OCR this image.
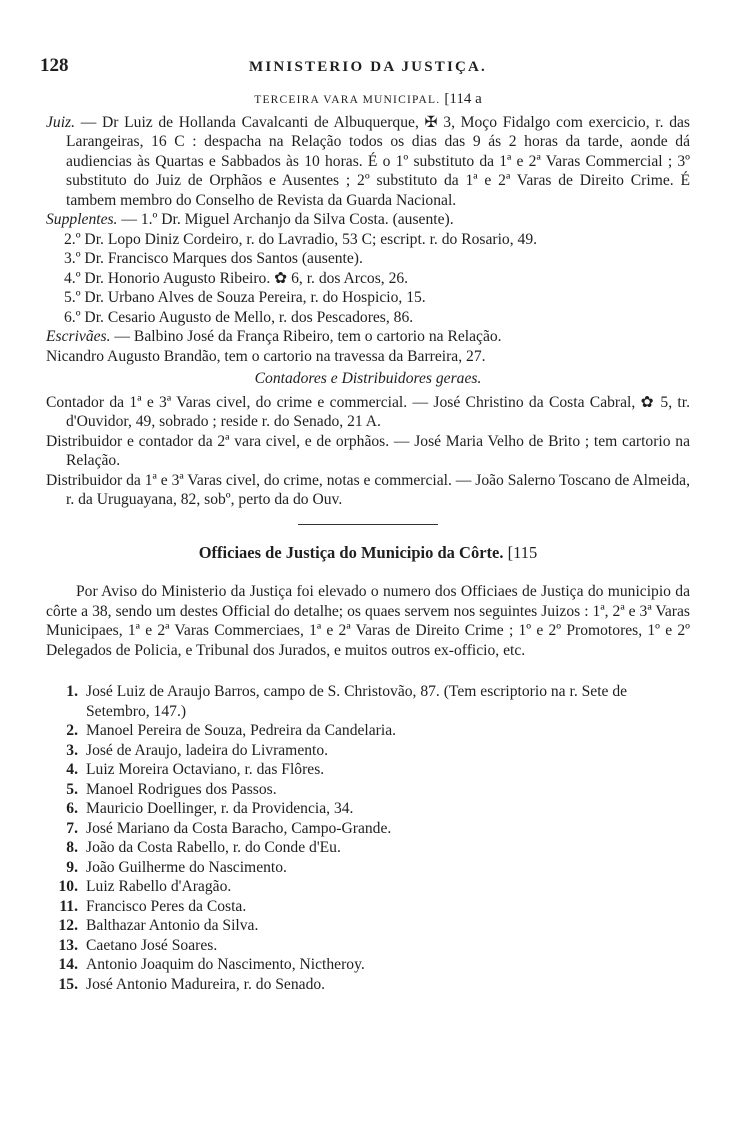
128	MINISTERIO DA JUSTIÇA.
TERCEIRA VARA MUNICIPAL. [114 a

Juiz. — Dr Luiz de Hollanda Cavalcanti de Albuquerque, ✠ 3, Moço Fidalgo com exercicio, r. das Larangeiras, 16 C : despacha na Relação todos os dias das 9 ás 2 horas da tarde, aonde dá audiencias às Quartas e Sabbados às 10 horas. É o 1º substituto da 1ª e 2ª Varas Commercial ; 3º substituto do Juiz de Orphãos e Ausentes ; 2º substituto da 1ª e 2ª Varas de Direito Crime. É tambem membro do Conselho de Revista da Guarda Nacional.

Supplentes. — 1.º Dr. Miguel Archanjo da Silva Costa. (ausente).

2.º Dr. Lopo Diniz Cordeiro, r. do Lavradio, 53 C; escript. r. do Rosario, 49.

3.º Dr. Francisco Marques dos Santos (ausente).

4.º Dr. Honorio Augusto Ribeiro. ✿ 6, r. dos Arcos, 26.

5.º Dr. Urbano Alves de Souza Pereira, r. do Hospicio, 15.

6.º Dr. Cesario Augusto de Mello, r. dos Pescadores, 86.

Escrivães. — Balbino José da França Ribeiro, tem o cartorio na Relação.

Nicandro Augusto Brandão, tem o cartorio na travessa da Barreira, 27.

Contadores e Distribuidores geraes.

Contador da 1ª e 3ª Varas civel, do crime e commercial. — José Christino da Costa Cabral, ✿ 5, tr. d'Ouvidor, 49, sobrado ; reside r. do Senado, 21 A.

Distribuidor e contador da 2ª vara civel, e de orphãos. — José Maria Velho de Brito ; tem cartorio na Relação.

Distribuidor da 1ª e 3ª Varas civel, do crime, notas e commercial. — João Salerno Toscano de Almeida, r. da Uruguayana, 82, sobº, perto da do Ouv.

Officiaes de Justiça do Municipio da Côrte. [115

Por Aviso do Ministerio da Justiça foi elevado o numero dos Officiaes de Justiça do municipio da côrte a 38, sendo um destes Official do detalhe; os quaes servem nos seguintes Juizos : 1ª, 2ª e 3ª Varas Municipaes, 1ª e 2ª Varas Commerciaes, 1ª e 2ª Varas de Direito Crime ; 1º e 2º Promotores, 1º e 2º Delegados de Policia, e Tribunal dos Jurados, e muitos outros ex-officio, etc.

1. José Luiz de Araujo Barros, campo de S. Christovão, 87. (Tem escriptorio na r. Sete de Setembro, 147.)
2. Manoel Pereira de Souza, Pedreira da Candelaria.
3. José de Araujo, ladeira do Livramento.
4. Luiz Moreira Octaviano, r. das Flôres.
5. Manoel Rodrigues dos Passos.
6. Mauricio Doellinger, r. da Providencia, 34.
7. José Mariano da Costa Baracho, Campo-Grande.
8. João da Costa Rabello, r. do Conde d'Eu.
9. João Guilherme do Nascimento.
10. Luiz Rabello d'Aragão.
11. Francisco Peres da Costa.
12. Balthazar Antonio da Silva.
13. Caetano José Soares.
14. Antonio Joaquim do Nascimento, Nictheroy.
15. José Antonio Madureira, r. do Senado.
